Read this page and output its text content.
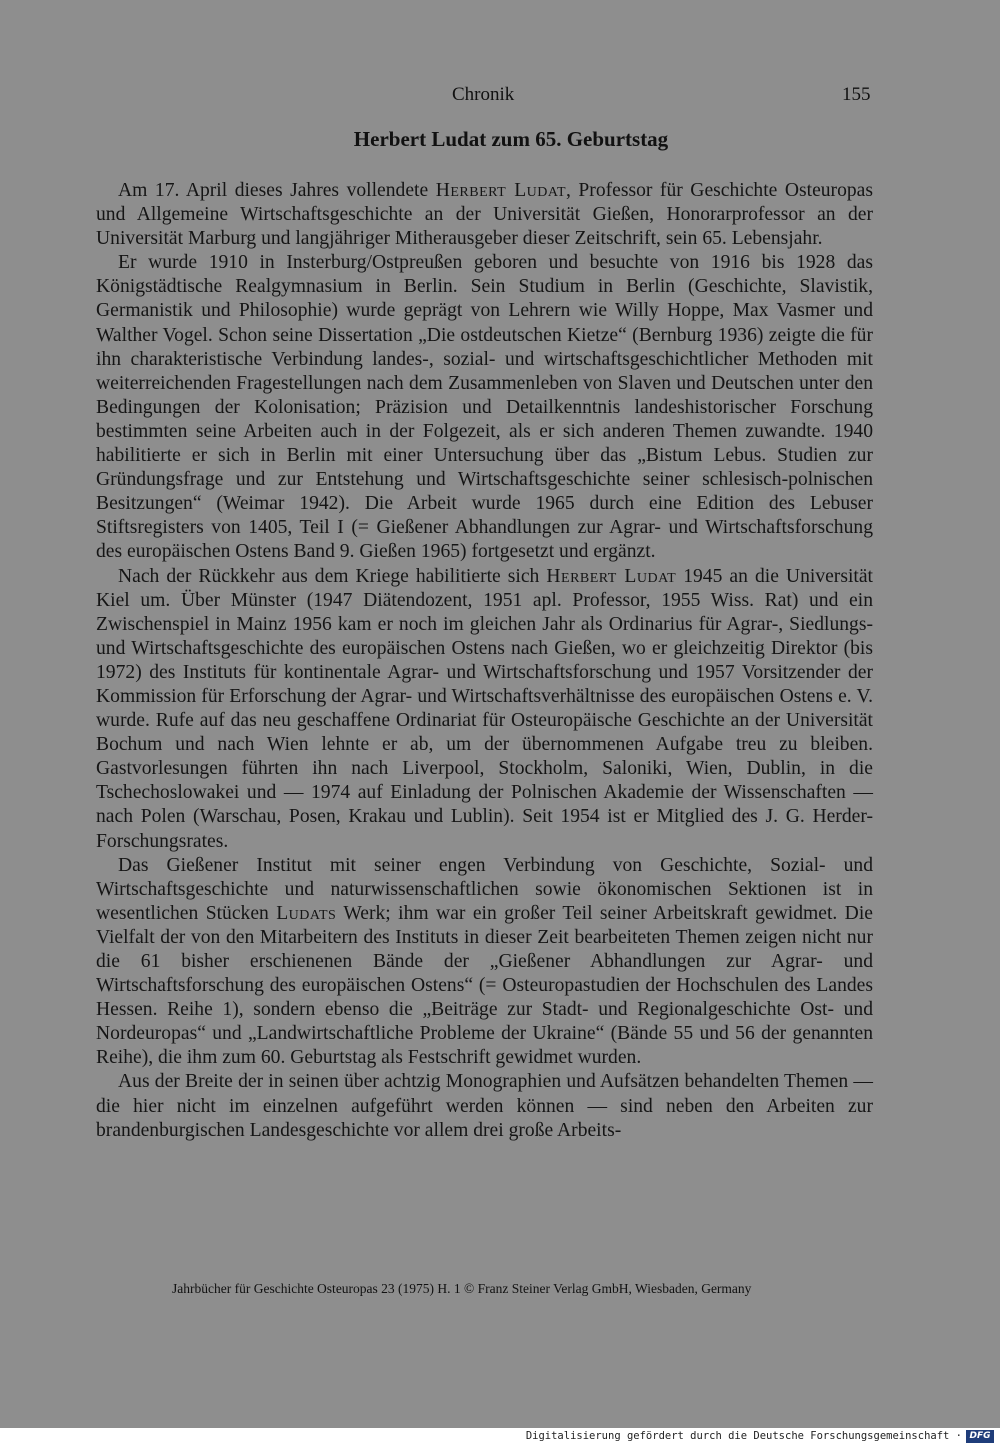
Chronik	155
Herbert Ludat zum 65. Geburtstag

Am 17. April dieses Jahres vollendete Herbert Ludat, Professor für Geschichte Osteuropas und Allgemeine Wirtschaftsgeschichte an der Universität Gießen, Honorarprofessor an der Universität Marburg und langjähriger Mitherausgeber dieser Zeitschrift, sein 65. Lebensjahr.

Er wurde 1910 in Insterburg/Ostpreußen geboren und besuchte von 1916 bis 1928 das Königstädtische Realgymnasium in Berlin. Sein Studium in Berlin (Geschichte, Slavistik, Germanistik und Philosophie) wurde geprägt von Lehrern wie Willy Hoppe, Max Vasmer und Walther Vogel. Schon seine Dissertation „Die ostdeutschen Kietze“ (Bernburg 1936) zeigte die für ihn charakteristische Verbindung landes-, sozial- und wirtschaftsgeschichtlicher Methoden mit weiterreichenden Fragestellungen nach dem Zusammenleben von Slaven und Deutschen unter den Bedingungen der Kolonisation; Präzision und Detailkenntnis landeshistorischer Forschung bestimmten seine Arbeiten auch in der Folgezeit, als er sich anderen Themen zuwandte. 1940 habilitierte er sich in Berlin mit einer Untersuchung über das „Bistum Lebus. Studien zur Gründungsfrage und zur Entstehung und Wirtschaftsgeschichte seiner schlesisch-polnischen Besitzungen“ (Weimar 1942). Die Arbeit wurde 1965 durch eine Edition des Lebuser Stiftsregisters von 1405, Teil I (= Gießener Abhandlungen zur Agrar- und Wirtschaftsforschung des europäischen Ostens Band 9. Gießen 1965) fortgesetzt und ergänzt.

Nach der Rückkehr aus dem Kriege habilitierte sich Herbert Ludat 1945 an die Universität Kiel um. Über Münster (1947 Diätendozent, 1951 apl. Professor, 1955 Wiss. Rat) und ein Zwischenspiel in Mainz 1956 kam er noch im gleichen Jahr als Ordinarius für Agrar-, Siedlungs- und Wirtschaftsgeschichte des europäischen Ostens nach Gießen, wo er gleichzeitig Direktor (bis 1972) des Instituts für kontinentale Agrar- und Wirtschaftsforschung und 1957 Vorsitzender der Kommission für Erforschung der Agrar- und Wirtschaftsverhältnisse des europäischen Ostens e. V. wurde. Rufe auf das neu geschaffene Ordinariat für Osteuropäische Geschichte an der Universität Bochum und nach Wien lehnte er ab, um der übernommenen Aufgabe treu zu bleiben. Gastvorlesungen führten ihn nach Liverpool, Stockholm, Saloniki, Wien, Dublin, in die Tschechoslowakei und — 1974 auf Einladung der Polnischen Akademie der Wissenschaften — nach Polen (Warschau, Posen, Krakau und Lublin). Seit 1954 ist er Mitglied des J. G. Herder-Forschungsrates.

Das Gießener Institut mit seiner engen Verbindung von Geschichte, Sozial- und Wirtschaftsgeschichte und naturwissenschaftlichen sowie ökonomischen Sektionen ist in wesentlichen Stücken Ludats Werk; ihm war ein großer Teil seiner Arbeitskraft gewidmet. Die Vielfalt der von den Mitarbeitern des Instituts in dieser Zeit bearbeiteten Themen zeigen nicht nur die 61 bisher erschienenen Bände der „Gießener Abhandlungen zur Agrar- und Wirtschaftsforschung des europäischen Ostens“ (= Osteuropastudien der Hochschulen des Landes Hessen. Reihe 1), sondern ebenso die „Beiträge zur Stadt- und Regionalgeschichte Ost- und Nordeuropas“ und „Landwirtschaftliche Probleme der Ukraine“ (Bände 55 und 56 der genannten Reihe), die ihm zum 60. Geburtstag als Festschrift gewidmet wurden.

Aus der Breite der in seinen über achtzig Monographien und Aufsätzen behandelten Themen — die hier nicht im einzelnen aufgeführt werden können — sind neben den Arbeiten zur brandenburgischen Landesgeschichte vor allem drei große Arbeits-

Jahrbücher für Geschichte Osteuropas 23 (1975) H. 1 © Franz Steiner Verlag GmbH, Wiesbaden, Germany
Digitalisierung gefördert durch die Deutsche Forschungsgemeinschaft · DFG
